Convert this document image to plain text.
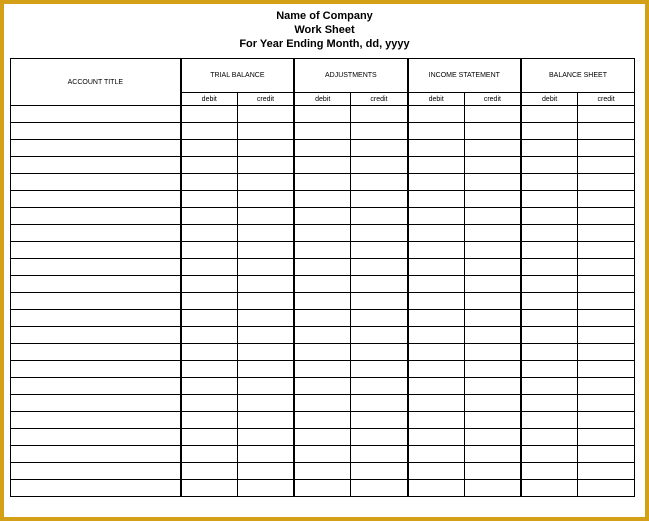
Name of Company
Work Sheet
For Year Ending Month, dd, yyyy
ACCOUNT TITLE	TRIAL BALANCE		ADJUSTMENTS		INCOME STATEMENT		BALANCE SHEET	
	debit	credit	debit	credit	debit	credit	debit	credit
